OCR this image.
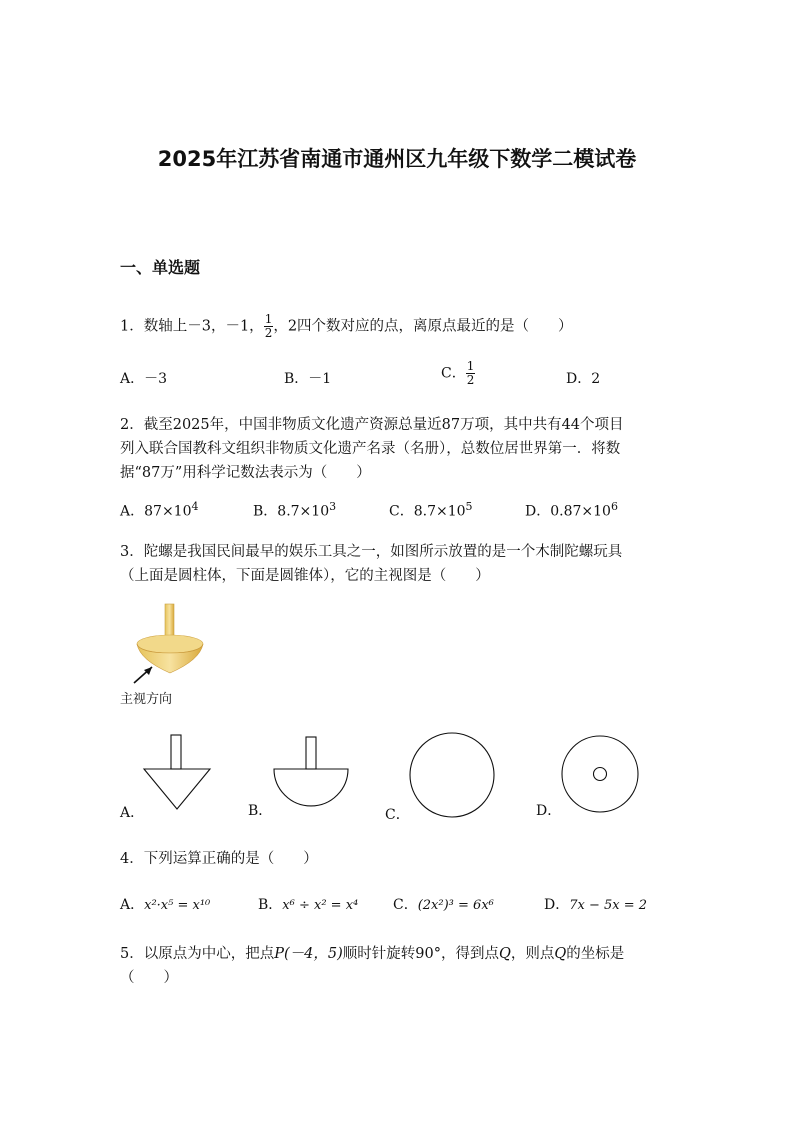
2025年江苏省南通市通州区九年级下数学二模试卷
一、单选题
1．数轴上－3，－1， $\frac{1}{2}$ ，2四个数对应的点，离原点最近的是（　　）
A．－3	B．－1	C． $\frac{1}{2}$	D．2
2．截至2025年，中国非物质文化遗产资源总量近87万项，其中共有44个项目
列入联合国教科文组织非物质文化遗产名录（名册），总数位居世界第一．将数
据“87万”用科学记数法表示为（　　）
A．$87\times 10^4$	B．$8.7\times 10^3$	C．$8.7\times 10^5$	D．$0.87\times 10^6$
3．陀螺是我国民间最早的娱乐工具之一，如图所示放置的是一个木制陀螺玩具
（上面是圆柱体，下面是圆锥体），它的主视图是（　　）
主视方向
A．	B．	C．	D．
4．下列运算正确的是（　　）
A．x²·x⁵ = x¹⁰	B．x⁶ ÷ x² = x⁴ C．(2x²)³ = 6x⁶	D．7x − 5x = 2
5．以原点为中心，把点P(－4，5)顺时针旋转90°，得到点Q，则点Q的坐标是
（　　）
